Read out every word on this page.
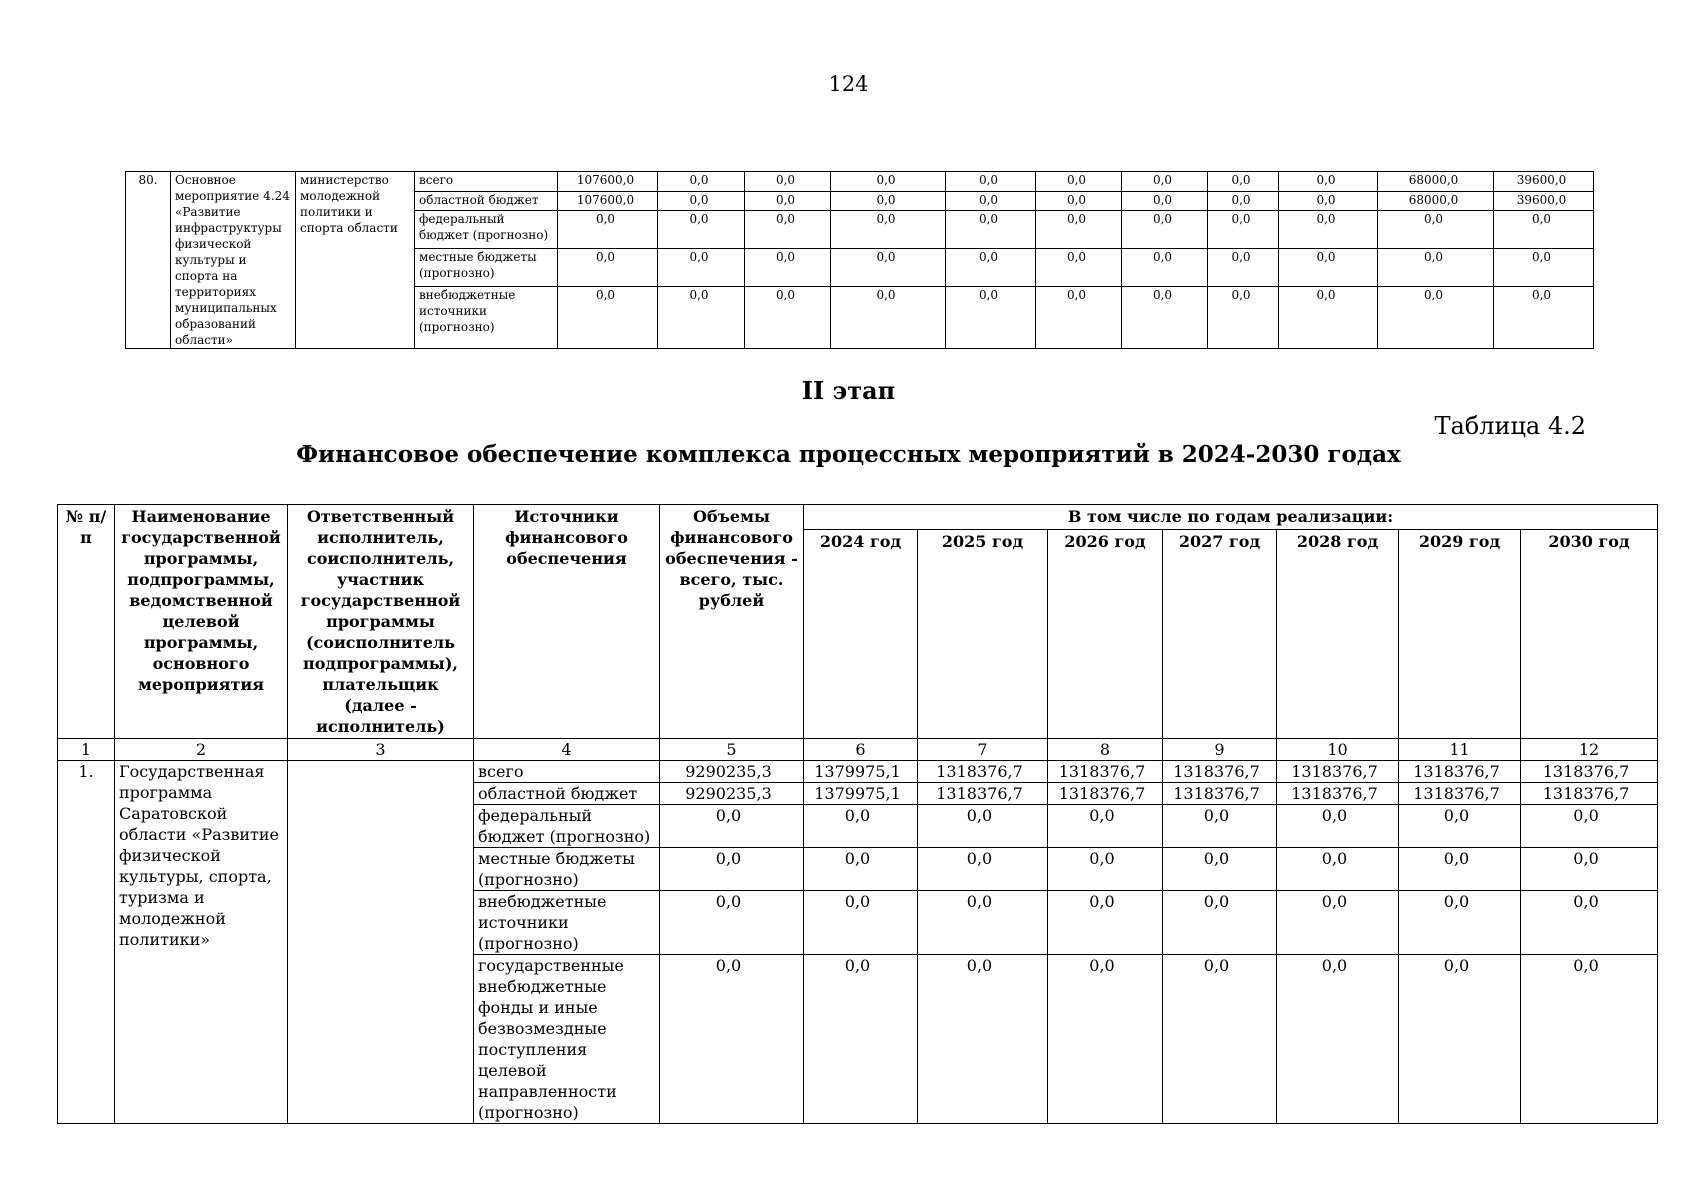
124
80.	Основное мероприятие 4.24 «Развитие инфраструктуры физической культуры и спорта на территориях муниципальных образований области»	министерство молодежной политики и спорта области	всего	107600,0	0,0	0,0	0,0	0,0	0,0	0,0	0,0	0,0	68000,0	39600,0
			областной бюджет	107600,0	0,0	0,0	0,0	0,0	0,0	0,0	0,0	0,0	68000,0	39600,0
			федеральный бюджет (прогнозно)	0,0	0,0	0,0	0,0	0,0	0,0	0,0	0,0	0,0	0,0	0,0
			местные бюджеты (прогнозно)	0,0	0,0	0,0	0,0	0,0	0,0	0,0	0,0	0,0	0,0	0,0
			внебюджетные источники (прогнозно)	0,0	0,0	0,0	0,0	0,0	0,0	0,0	0,0	0,0	0,0	0,0
II этап
Таблица 4.2
Финансовое обеспечение комплекса процессных мероприятий в 2024-2030 годах
№ п/п	Наименование государственной программы, подпрограммы, ведомственной целевой программы, основного мероприятия	Ответственный исполнитель, соисполнитель, участник государственной программы (соисполнитель подпрограммы), плательщик (далее - исполнитель)	Источники финансового обеспечения	Объемы финансового обеспечения - всего, тыс. рублей	В том числе по годам реализации:						
					2024 год	2025 год	2026 год	2027 год	2028 год	2029 год	2030 год
1	2	3	4	5	6	7	8	9	10	11	12
1.	Государственная программа Саратовской области «Развитие физической культуры, спорта, туризма и молодежной политики»		всего	9290235,3	1379975,1	1318376,7	1318376,7	1318376,7	1318376,7	1318376,7	1318376,7
			областной бюджет	9290235,3	1379975,1	1318376,7	1318376,7	1318376,7	1318376,7	1318376,7	1318376,7
			федеральный бюджет (прогнозно)	0,0	0,0	0,0	0,0	0,0	0,0	0,0	0,0
			местные бюджеты (прогнозно)	0,0	0,0	0,0	0,0	0,0	0,0	0,0	0,0
			внебюджетные источники (прогнозно)	0,0	0,0	0,0	0,0	0,0	0,0	0,0	0,0
			государственные внебюджетные фонды и иные безвозмездные поступления целевой направленности (прогнозно)	0,0	0,0	0,0	0,0	0,0	0,0	0,0	0,0
